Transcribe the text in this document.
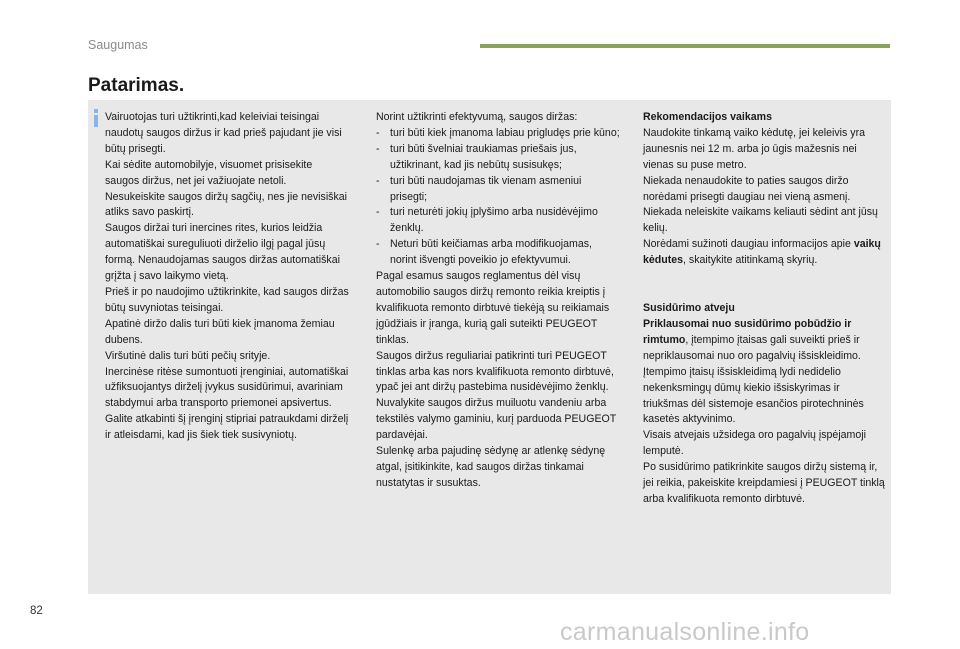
Saugumas
Patarimas.

Vairuotojas turi užtikrinti,kad keleiviai teisingai naudotų saugos diržus ir kad prieš pajudant jie visi būtų prisegti.

Kai sėdite automobilyje, visuomet prisisekite saugos diržus, net jei važiuojate netoli.

Nesukeiskite saugos diržų sagčių, nes jie nevisiškai atliks savo paskirtį.

Saugos diržai turi inercines rites, kurios leidžia automatiškai sureguliuoti dirželio ilgį pagal jūsų formą. Nenaudojamas saugos diržas automatiškai grįžta į savo laikymo vietą.

Prieš ir po naudojimo užtikrinkite, kad saugos diržas būtų suvyniotas teisingai.

Apatinė diržo dalis turi būti kiek įmanoma žemiau dubens.

Viršutinė dalis turi būti pečių srityje.

Inercinėse ritėse sumontuoti įrenginiai, automatiškai užfiksuojantys dirželį įvykus susidūrimui, avariniam stabdymui arba transporto priemonei apsivertus. Galite atkabinti šį įrenginį stipriai patraukdami dirželį ir atleisdami, kad jis šiek tiek susivyniotų.

Norint užtikrinti efektyvumą, saugos diržas:

- turi būti kiek įmanoma labiau prigludęs prie kūno;
- turi būti švelniai traukiamas priešais jus, užtikrinant, kad jis nebūtų susisukęs;
- turi būti naudojamas tik vienam asmeniui prisegti;
- turi neturėti jokių įplyšimo arba nusidėvėjimo ženklų.
- Neturi būti keičiamas arba modifikuojamas, norint išvengti poveikio jo efektyvumui.

Pagal esamus saugos reglamentus dėl visų automobilio saugos diržų remonto reikia kreiptis į kvalifikuota remonto dirbtuvė tiekėją su reikiamais įgūdžiais ir įranga, kurią gali suteikti PEUGEOT tinklas.

Saugos diržus reguliariai patikrinti turi PEUGEOT tinklas arba kas nors kvalifikuota remonto dirbtuvė, ypač jei ant diržų pastebima nusidėvėjimo ženklų.

Nuvalykite saugos diržus muiluotu vandeniu arba tekstilės valymo gaminiu, kurį parduoda PEUGEOT pardavėjai.

Sulenkę arba pajudinę sėdynę ar atlenkę sėdynę atgal, įsitikinkite, kad saugos diržas tinkamai nustatytas ir susuktas.

Rekomendacijos vaikams

Naudokite tinkamą vaiko kėdutę, jei keleivis yra jaunesnis nei 12 m. arba jo ūgis mažesnis nei vienas su puse metro.

Niekada nenaudokite to paties saugos diržo norėdami prisegti daugiau nei vieną asmenį.

Niekada neleiskite vaikams keliauti sėdint ant jūsų kelių.

Norėdami sužinoti daugiau informacijos apie vaikų kėdutes, skaitykite atitinkamą skyrių.

Susidūrimo atveju

Priklausomai nuo susidūrimo pobūdžio ir rimtumo, įtempimo įtaisas gali suveikti prieš ir nepriklausomai nuo oro pagalvių išsiskleidimo. Įtempimo įtaisų išsiskleidimą lydi nedidelio nekenksmingų dūmų kiekio išsiskyrimas ir triukšmas dėl sistemoje esančios pirotechninės kasetės aktyvinimo.

Visais atvejais užsidega oro pagalvių įspėjamoji lemputė.

Po susidūrimo patikrinkite saugos diržų sistemą ir, jei reikia, pakeiskite kreipdamiesi į PEUGEOT tinklą arba kvalifikuota remonto dirbtuvė.

82
carmanualsonline.info
